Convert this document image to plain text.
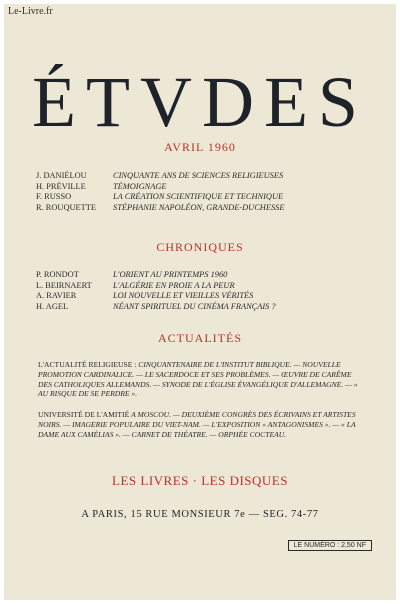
Le-Livre.fr
ÉTVDES
AVRIL 1960
J. DANIÉLOU	CINQUANTE ANS DE SCIENCES RELIGIEUSES
H. PRÉVILLE	TÉMOIGNAGE
F. RUSSO	LA CRÉATION SCIENTIFIQUE ET TECHNIQUE
R. ROUQUETTE	STÉPHANIE NAPOLÉON, GRANDE-DUCHESSE
CHRONIQUES
P. RONDOT	L'ORIENT AU PRINTEMPS 1960
L. BEIRNAERT	L'ALGÉRIE EN PROIE A LA PEUR
A. RAVIER	LOI NOUVELLE ET VIEILLES VÉRITÉS
H. AGEL	NÉANT SPIRITUEL DU CINÉMA FRANÇAIS ?
ACTUALITÉS
L'ACTUALITÉ RELIGIEUSE : CINQUANTENAIRE DE L'INSTITUT BIBLIQUE. — NOUVELLE PROMOTION CARDINALICE. — LE SACERDOCE ET SES PROBLÈMES. — ŒUVRE DE CARÊME DES CATHOLIQUES ALLEMANDS. — SYNODE DE L'ÉGLISE ÉVANGÉLIQUE D'ALLEMAGNE. — « AU RISQUE DE SE PERDRE ».
UNIVERSITÉ DE L'AMITIÉ A MOSCOU. — DEUXIÈME CONGRÈS DES ÉCRIVAINS ET ARTISTES NOIRS. — IMAGERIE POPULAIRE DU VIET-NAM. — L'EXPOSITION « ANTAGONISMES ». — « LA DAME AUX CAMÉLIAS ». — CARNET DE THÉATRE. — ORPHÉE COCTEAU.
LES LIVRES · LES DISQUES
A PARIS, 15 RUE MONSIEUR 7e — SEG. 74-77
LE NUMÉRO : 2,50 NF
